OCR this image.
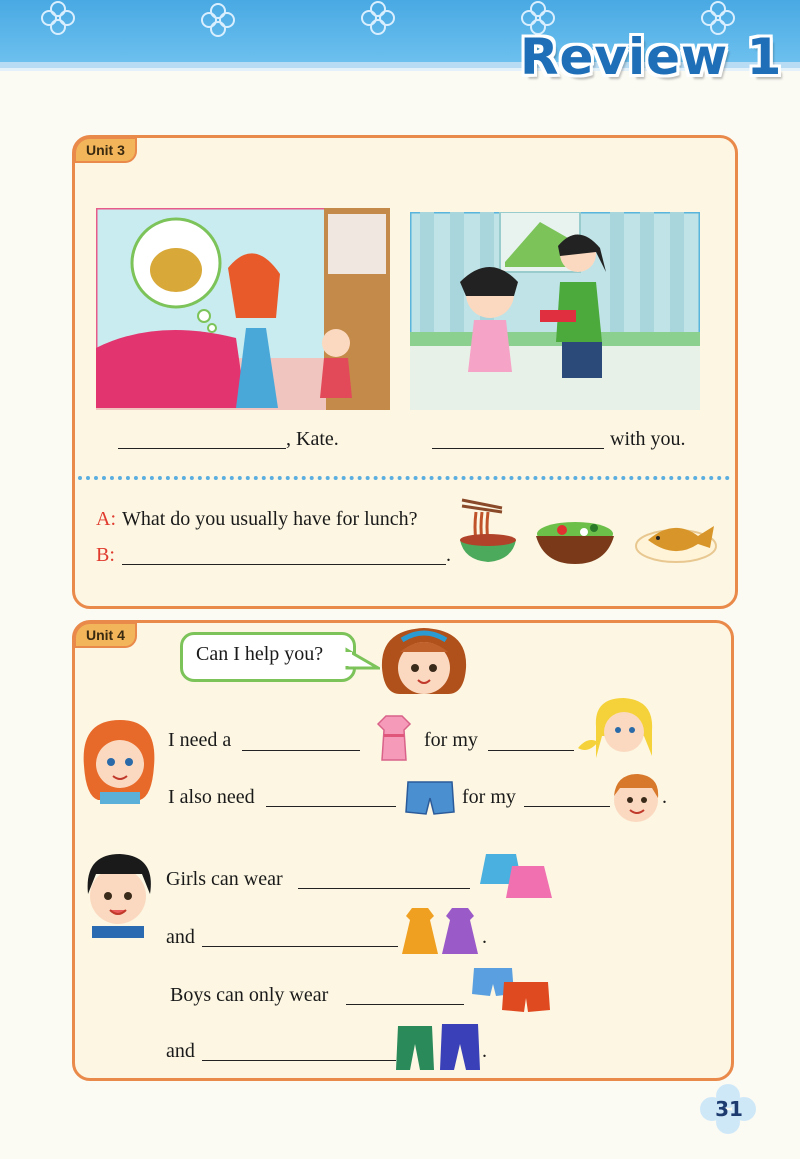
Review 1
Unit 3
, Kate.	with you.
A: What do you usually have for lunch?
B:	.
Unit 4
Can I help you?
I need a	for my
I also need	for my	.
Girls can wear
and	.
Boys can only wear
and	.
31
